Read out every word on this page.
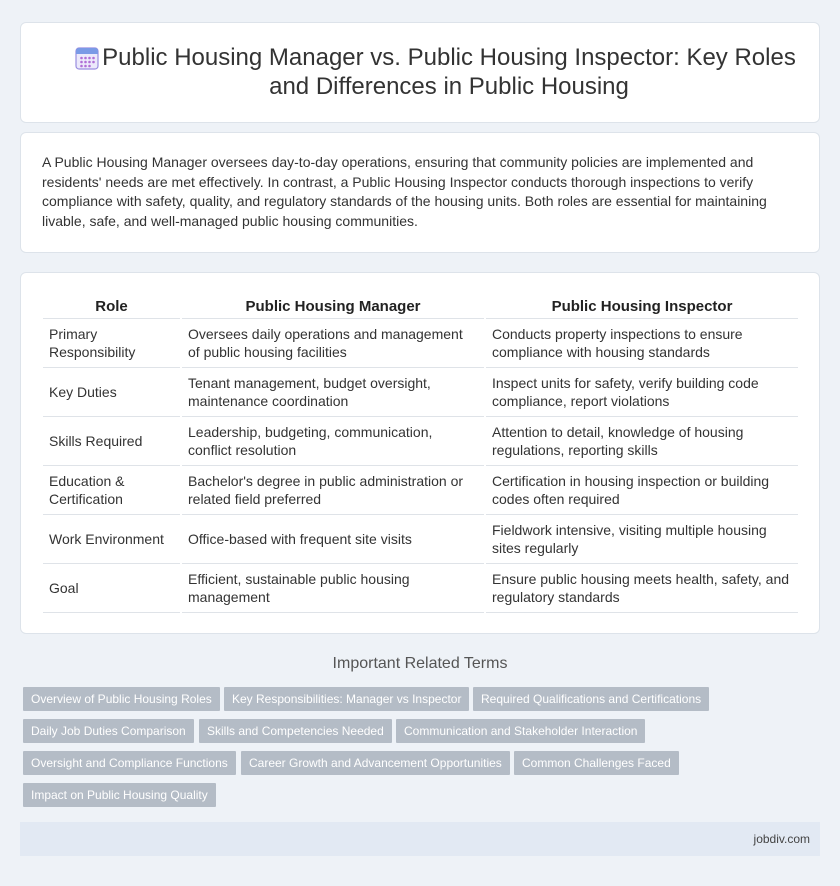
Public Housing Manager vs. Public Housing Inspector: Key Roles and Differences in Public Housing

A Public Housing Manager oversees day-to-day operations, ensuring that community policies are implemented and residents' needs are met effectively. In contrast, a Public Housing Inspector conducts thorough inspections to verify compliance with safety, quality, and regulatory standards of the housing units. Both roles are essential for maintaining livable, safe, and well-managed public housing communities.

Role	Public Housing Manager	Public Housing Inspector
Primary Responsibility	Oversees daily operations and management of public housing facilities	Conducts property inspections to ensure compliance with housing standards
Key Duties	Tenant management, budget oversight, maintenance coordination	Inspect units for safety, verify building code compliance, report violations
Skills Required	Leadership, budgeting, communication, conflict resolution	Attention to detail, knowledge of housing regulations, reporting skills
Education & Certification	Bachelor's degree in public administration or related field preferred	Certification in housing inspection or building codes often required
Work Environment	Office-based with frequent site visits	Fieldwork intensive, visiting multiple housing sites regularly
Goal	Efficient, sustainable public housing management	Ensure public housing meets health, safety, and regulatory standards
Important Related Terms
Overview of Public Housing Roles	Key Responsibilities: Manager vs Inspector	Required Qualifications and Certifications
Daily Job Duties Comparison	Skills and Competencies Needed	Communication and Stakeholder Interaction
Oversight and Compliance Functions	Career Growth and Advancement Opportunities	Common Challenges Faced
Impact on Public Housing Quality
jobdiv.com
